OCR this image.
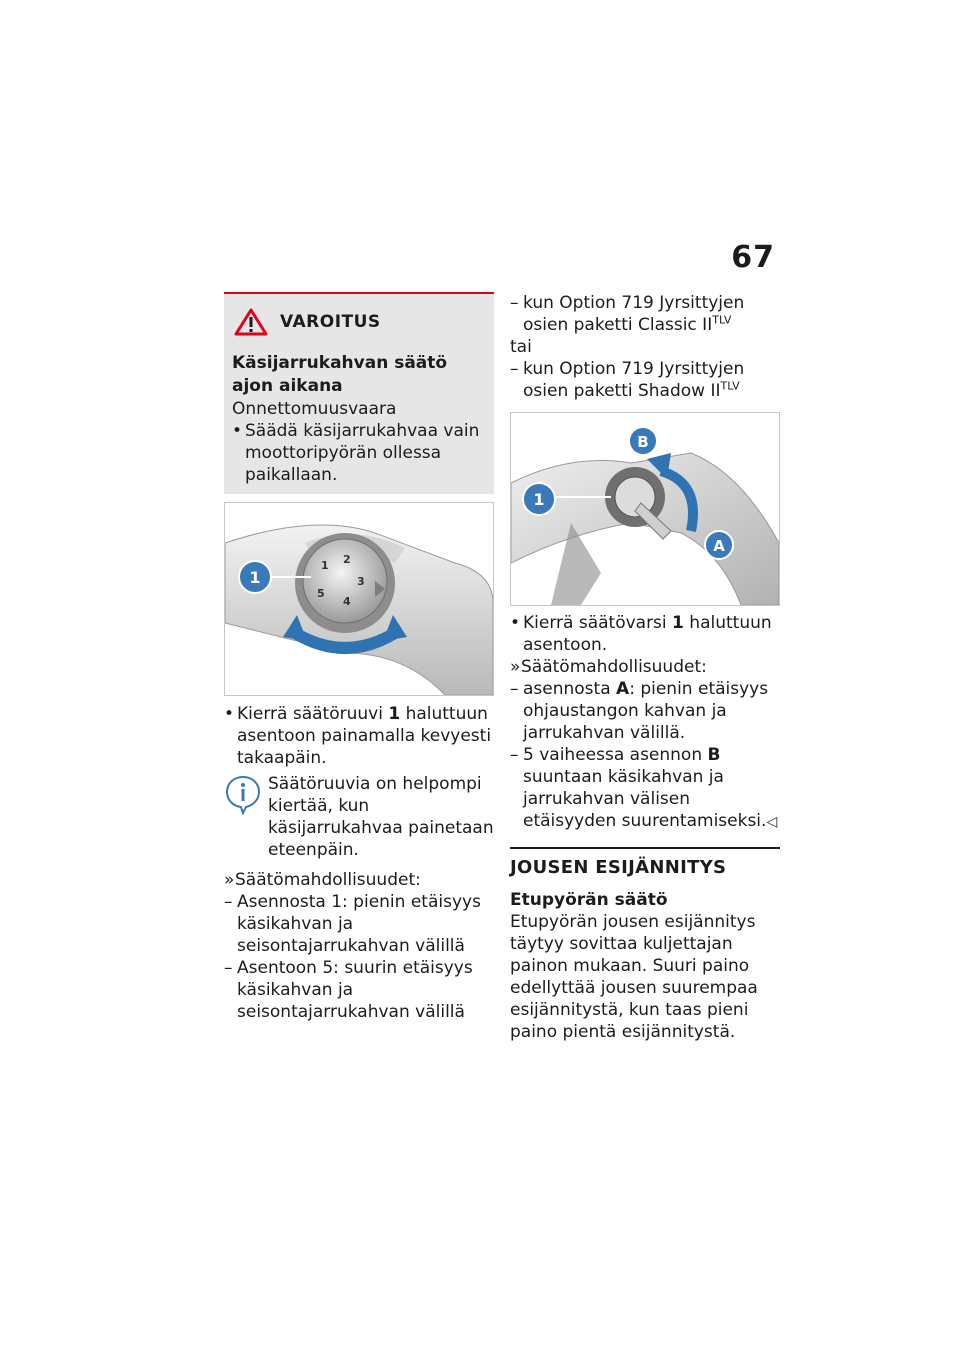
67
VAROITUS
Käsijarrukahvan säätö ajon aikana
Onnettomuusvaara
• Säädä käsijarrukahvaa vain moottoripyörän ollessa paikallaan.
1 2
3
4
5
1
• Kierrä säätöruuvi 1 haluttuun asentoon painamalla kevyesti takaapäin.
Säätöruuvia on helpompi kiertää, kun käsijarrukahvaa painetaan eteenpäin.
» Säätömahdollisuudet:
– Asennosta 1: pienin etäisyys käsikahvan ja seisontajarrukahvan välillä
– Asentoon 5: suurin etäisyys käsikahvan ja seisontajarrukahvan välillä
– kun Option 719 Jyrsittyjen osien paketti Classic $II^{TLV}$
tai
– kun Option 719 Jyrsittyjen osien paketti Shadow $II^{TLV}$
1
A
B
• Kierrä säätövarsi 1 haluttuun asentoon.
» Säätömahdollisuudet:
– asennosta A: pienin etäisyys ohjaustangon kahvan ja jarrukahvan välillä.
– 5 vaiheessa asennon B suuntaan käsikahvan ja jarrukahvan välisen etäisyyden suurentamiseksi.◁
JOUSEN ESIJÄNNITYS
Etupyörän säätö
Etupyörän jousen esijännitys täytyy sovittaa kuljettajan painon mukaan. Suuri paino edellyttää jousen suurempaa esijännitystä, kun taas pieni paino pientä esijännitystä.
